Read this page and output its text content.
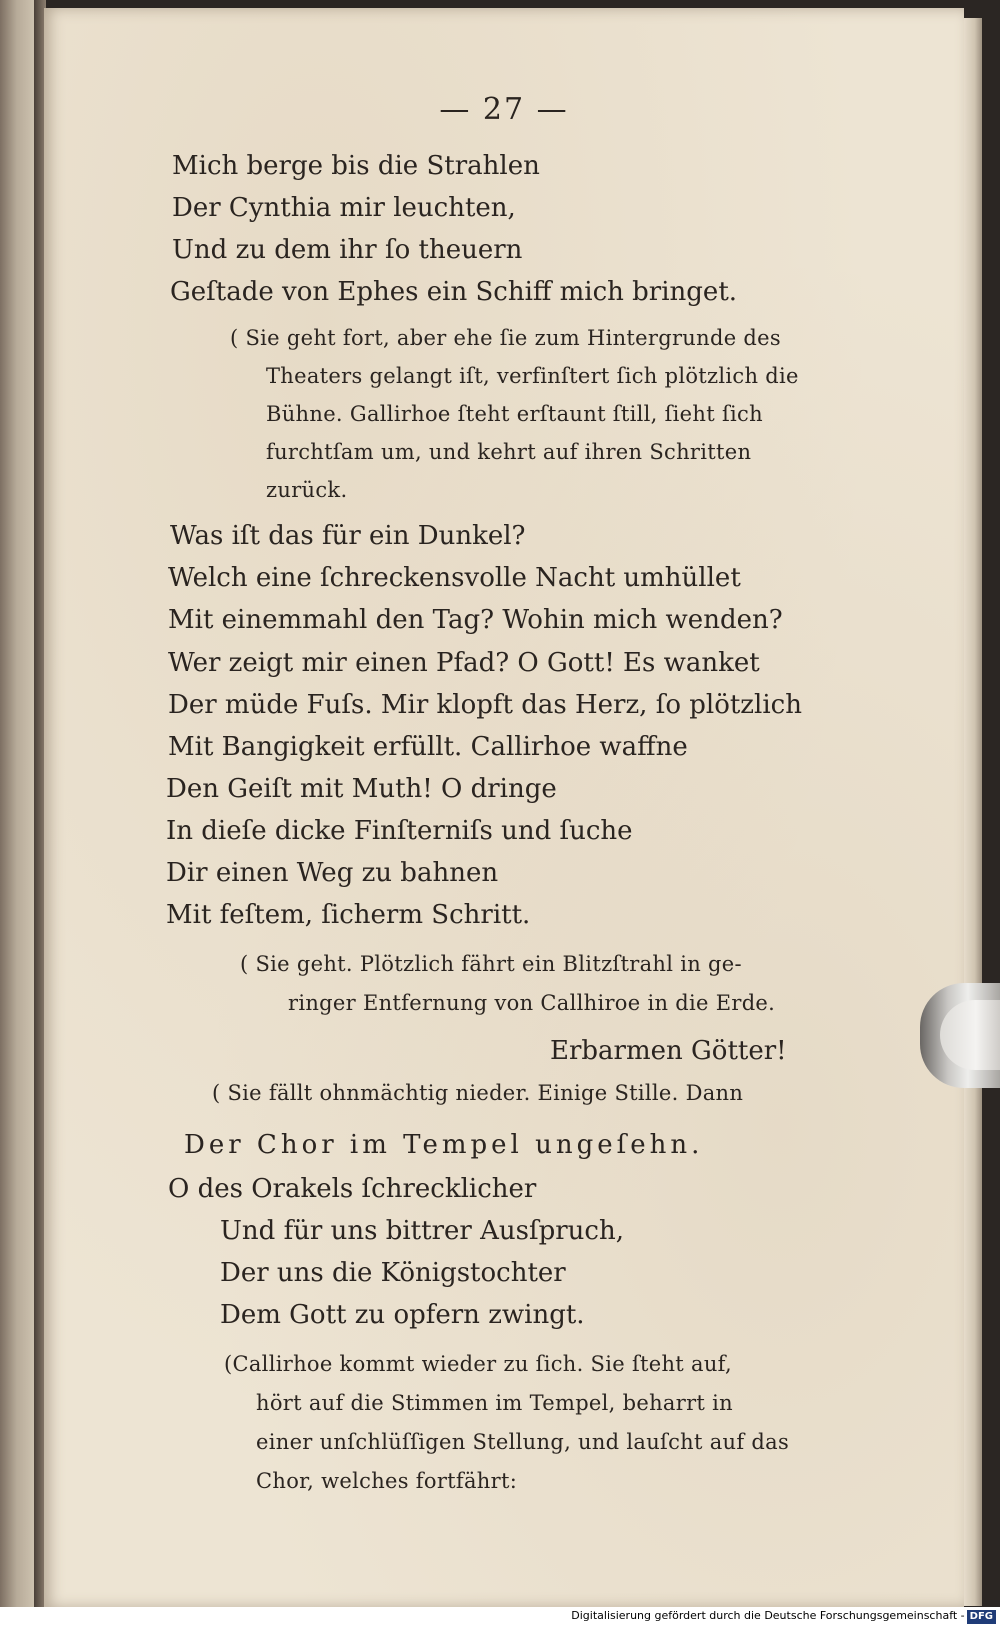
— 27 —
Mich berge bis die Strahlen
Der Cynthia mir leuchten,
Und zu dem ihr ſo theuern
Geſtade von Ephes ein Schiff mich bringet.
( Sie geht fort, aber ehe ſie zum Hintergrunde des
Theaters gelangt iſt, verfinſtert ſich plötzlich die
Bühne. Gallirhoe ſteht erſtaunt ſtill, ſieht ſich
furchtſam um, und kehrt auf ihren Schritten
zurück.
Was iſt das für ein Dunkel?
Welch eine ſchreckensvolle Nacht umhüllet
Mit einemmahl den Tag? Wohin mich wenden?
Wer zeigt mir einen Pfad? O Gott! Es wanket
Der müde Fuſs. Mir klopft das Herz, ſo plötzlich
Mit Bangigkeit erfüllt. Callirhoe waffne
Den Geiſt mit Muth! O dringe
In dieſe dicke Finſterniſs und ſuche
Dir einen Weg zu bahnen
Mit feſtem, ſicherm Schritt.
( Sie geht. Plötzlich fährt ein Blitzſtrahl in ge-
ringer Entfernung von Callhiroe in die Erde.
Erbarmen Götter!
( Sie fällt ohnmächtig nieder. Einige Stille. Dann
Der Chor im Tempel ungeſehn.
O des Orakels ſchrecklicher
Und für uns bittrer Ausſpruch,
Der uns die Königstochter
Dem Gott zu opfern zwingt.
(Callirhoe kommt wieder zu ſich. Sie ſteht auf,
hört auf die Stimmen im Tempel, beharrt in
einer unſchlüſſigen Stellung, und lauſcht auf das
Chor, welches fortfährt:
Digitalisierung gefördert durch die Deutsche Forschungsgemeinschaft - DFG
